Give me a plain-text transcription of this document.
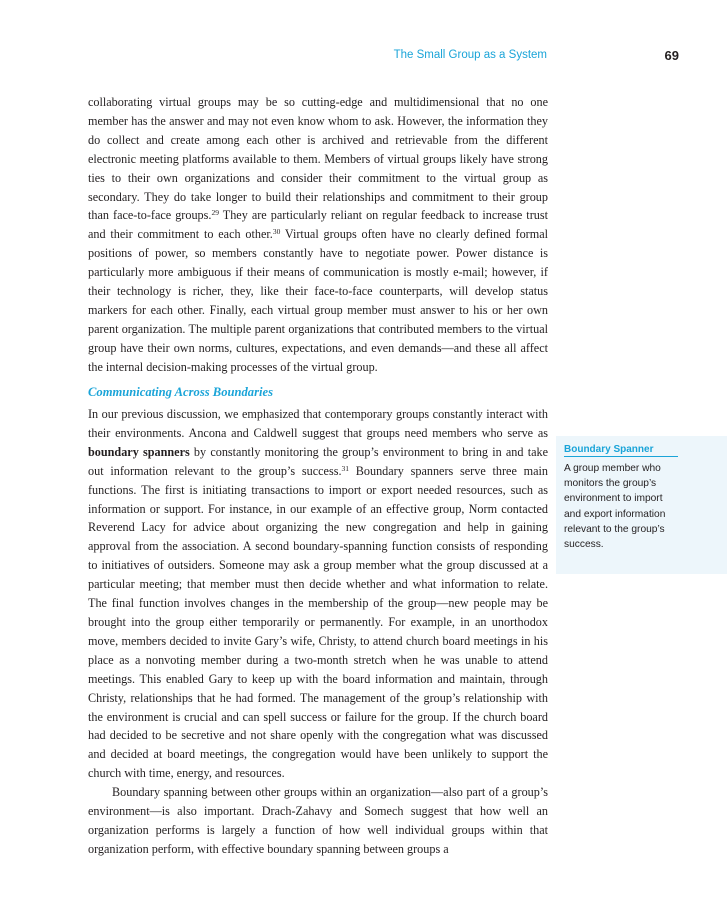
The Small Group as a System	69

collaborating virtual groups may be so cutting-edge and multidimensional that no one member has the answer and may not even know whom to ask. However, the information they do collect and create among each other is archived and retrievable from the different electronic meeting platforms available to them. Members of virtual groups likely have strong ties to their own organizations and consider their commitment to the virtual group as secondary. They do take longer to build their relationships and commitment to their group than face-to-face groups.$^{29}$ They are particularly reliant on regular feedback to increase trust and their commitment to each other.$^{30}$ Virtual groups often have no clearly defined formal positions of power, so members constantly have to negotiate power. Power distance is particularly more ambiguous if their means of communication is mostly e-mail; however, if their technology is richer, they, like their face-to-face counterparts, will develop status markers for each other. Finally, each virtual group member must answer to his or her own parent organization. The multiple parent organizations that contributed members to the virtual group have their own norms, cultures, expectations, and even demands—and these all affect the internal decision-making processes of the virtual group.

Communicating Across Boundaries

In our previous discussion, we emphasized that contemporary groups constantly interact with their environments. Ancona and Caldwell suggest that groups need members who serve as boundary spanners by constantly monitoring the group’s environment to bring in and take out information relevant to the group’s success.$^{31}$ Boundary spanners serve three main functions. The first is initiating transactions to import or export needed resources, such as information or support. For instance, in our example of an effective group, Norm contacted Reverend Lacy for advice about organizing the new congregation and help in gaining approval from the association. A second boundary-spanning function consists of responding to initiatives of outsiders. Someone may ask a group member what the group discussed at a particular meeting; that member must then decide whether and what information to relate. The final function involves changes in the membership of the group—new people may be brought into the group either temporarily or permanently. For example, in an unorthodox move, members decided to invite Gary’s wife, Christy, to attend church board meetings in his place as a nonvoting member during a two-month stretch when he was unable to attend meetings. This enabled Gary to keep up with the board information and maintain, through Christy, relationships that he had formed. The management of the group’s relationship with the environment is crucial and can spell success or failure for the group. If the church board had decided to be secretive and not share openly with the congregation what was discussed and decided at board meetings, the congregation would have been unlikely to support the church with time, energy, and resources.

Boundary spanning between other groups within an organization—also part of a group’s environment—is also important. Drach-Zahavy and Somech suggest that how well an organization performs is largely a function of how well individual groups within that organization perform, with effective boundary spanning between groups a

Boundary Spanner
A group member who monitors the group’s environment to import and export information relevant to the group’s success.
